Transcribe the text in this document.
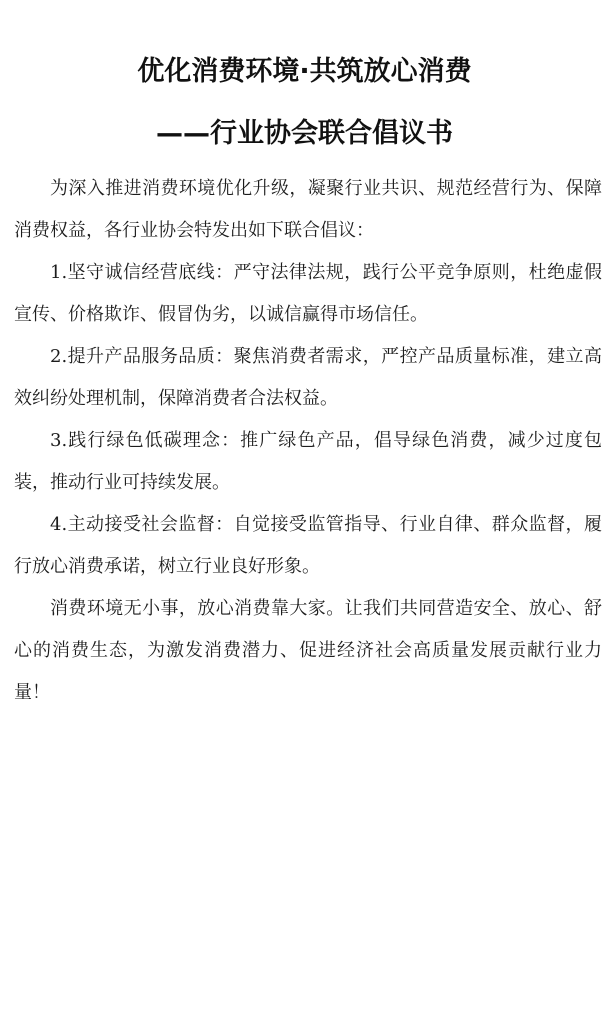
优化消费环境·共筑放心消费
——行业协会联合倡议书

为深入推进消费环境优化升级，凝聚行业共识、规范经营行为、保障消费权益，各行业协会特发出如下联合倡议：

1.坚守诚信经营底线：严守法律法规，践行公平竞争原则，杜绝虚假宣传、价格欺诈、假冒伪劣，以诚信赢得市场信任。

2.提升产品服务品质：聚焦消费者需求，严控产品质量标准，建立高效纠纷处理机制，保障消费者合法权益。

3.践行绿色低碳理念：推广绿色产品，倡导绿色消费，减少过度包装，推动行业可持续发展。

4.主动接受社会监督：自觉接受监管指导、行业自律、群众监督，履行放心消费承诺，树立行业良好形象。

消费环境无小事，放心消费靠大家。让我们共同营造安全、放心、舒心的消费生态，为激发消费潜力、促进经济社会高质量发展贡献行业力量！
